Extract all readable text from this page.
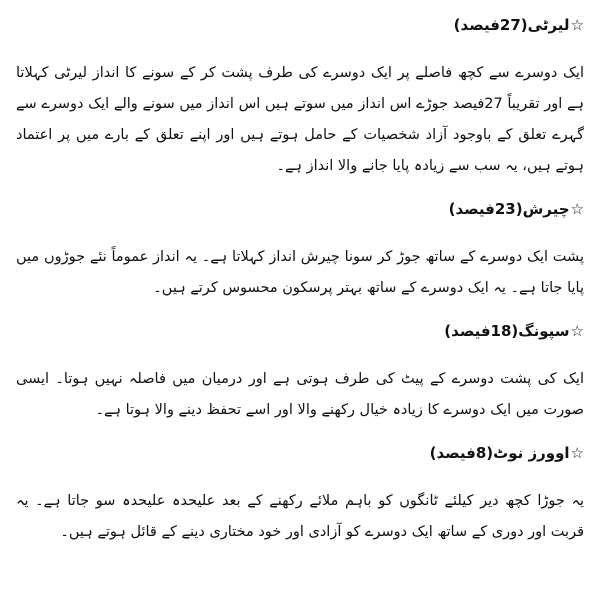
☆لیرٹی(27فیصد)

ایک دوسرے سے کچھ فاصلے پر ایک دوسرے کی طرف پشت کر کے سونے کا انداز لیرٹی کہلاتا ہے اور تقریباً 27فیصد جوڑے اس انداز میں سوتے ہیں اس انداز میں سونے والے ایک دوسرے سے گہرے تعلق کے باوجود آزاد شخصیات کے حامل ہوتے ہیں اور اپنے تعلق کے بارے میں پر اعتماد ہوتے ہیں، یہ سب سے زیادہ پایا جانے والا انداز ہے۔

☆چیرش(23فیصد)

پشت ایک دوسرے کے ساتھ جوڑ کر سونا چیرش انداز کہلاتا ہے۔ یہ انداز عموماً نئے جوڑوں میں پایا جاتا ہے۔ یہ ایک دوسرے کے ساتھ بہتر پرسکون محسوس کرتے ہیں۔

☆سپونگ(18فیصد)

ایک کی پشت دوسرے کے پیٹ کی طرف ہوتی ہے اور درمیان میں فاصلہ نہیں ہوتا۔ ایسی صورت میں ایک دوسرے کا زیادہ خیال رکھنے والا اور اسے تحفظ دینے والا ہوتا ہے۔

☆اوورز نوٹ(8فیصد)

یہ جوڑا کچھ دیر کیلئے ٹانگوں کو باہم ملائے رکھنے کے بعد علیحدہ علیحدہ سو جاتا ہے۔ یہ قربت اور دوری کے ساتھ ایک دوسرے کو آزادی اور خود مختاری دینے کے قائل ہوتے ہیں۔
